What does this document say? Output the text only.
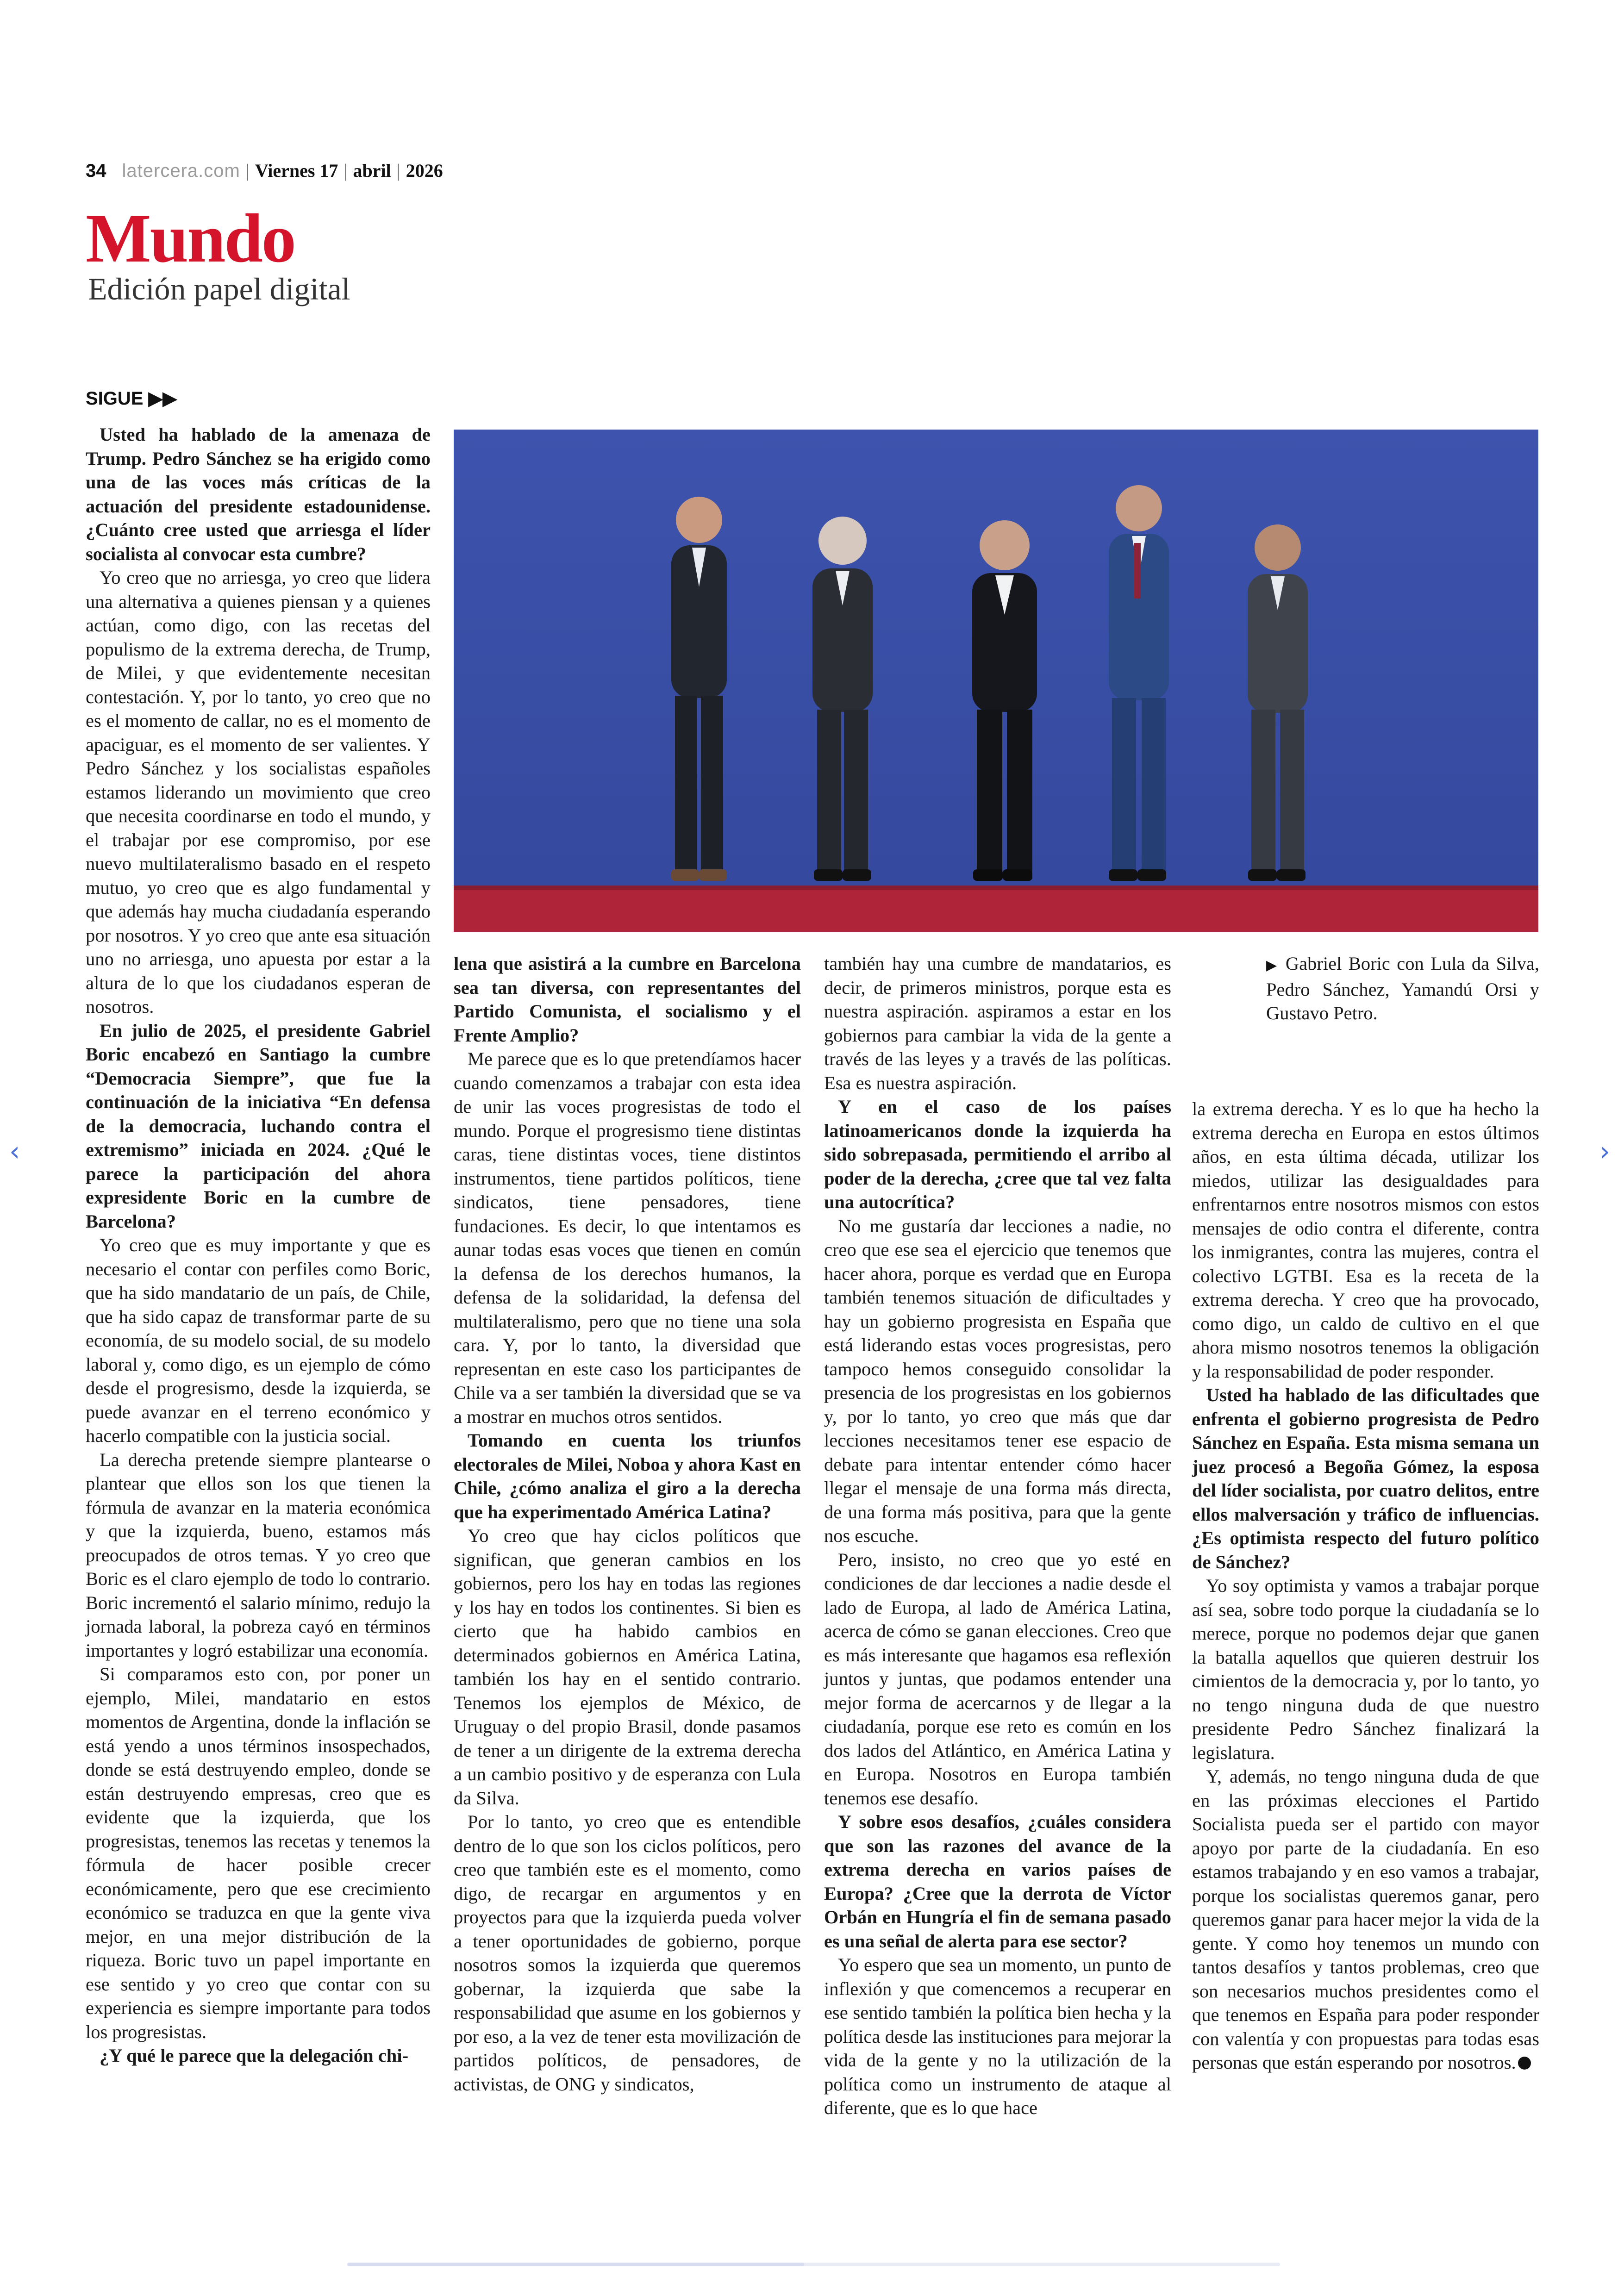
34 latercera.com | Viernes 17 | abril | 2026
Mundo
Edición papel digital
SIGUE ▶▶
▶ Gabriel Boric con Lula da Silva, Pedro Sánchez, Yamandú Orsi y Gustavo Petro.

Usted ha hablado de la amenaza de Trump. Pedro Sánchez se ha erigido como una de las voces más críticas de la actuación del presidente estadounidense. ¿Cuánto cree usted que arriesga el líder socialista al convocar esta cumbre?

Yo creo que no arriesga, yo creo que lidera una alternativa a quienes piensan y a quienes actúan, como digo, con las recetas del populismo de la extrema derecha, de Trump, de Milei, y que evidentemente necesitan contestación. Y, por lo tanto, yo creo que no es el momento de callar, no es el momento de apaciguar, es el momento de ser valientes. Y Pedro Sánchez y los socialistas españoles estamos liderando un movimiento que creo que necesita coordinarse en todo el mundo, y el trabajar por ese compromiso, por ese nuevo multilateralismo basado en el respeto mutuo, yo creo que es algo fundamental y que además hay mucha ciudadanía esperando por nosotros. Y yo creo que ante esa situación uno no arriesga, uno apuesta por estar a la altura de lo que los ciudadanos esperan de nosotros.

En julio de 2025, el presidente Gabriel Boric encabezó en Santiago la cumbre “Democracia Siempre”, que fue la continuación de la iniciativa “En defensa de la democracia, luchando contra el extremismo” iniciada en 2024. ¿Qué le parece la participación del ahora expresidente Boric en la cumbre de Barcelona?

Yo creo que es muy importante y que es necesario el contar con perfiles como Boric, que ha sido mandatario de un país, de Chile, que ha sido capaz de transformar parte de su economía, de su modelo social, de su modelo laboral y, como digo, es un ejemplo de cómo desde el progresismo, desde la izquierda, se puede avanzar en el terreno económico y hacerlo compatible con la justicia social.

La derecha pretende siempre plantearse o plantear que ellos son los que tienen la fórmula de avanzar en la materia económica y que la izquierda, bueno, estamos más preocupados de otros temas. Y yo creo que Boric es el claro ejemplo de todo lo contrario. Boric incrementó el salario mínimo, redujo la jornada laboral, la pobreza cayó en términos importantes y logró estabilizar una economía.

Si comparamos esto con, por poner un ejemplo, Milei, mandatario en estos momentos de Argentina, donde la inflación se está yendo a unos términos insospechados, donde se está destruyendo empleo, donde se están destruyendo empresas, creo que es evidente que la izquierda, que los progresistas, tenemos las recetas y tenemos la fórmula de hacer posible crecer económicamente, pero que ese crecimiento económico se traduzca en que la gente viva mejor, en una mejor distribución de la riqueza. Boric tuvo un papel importante en ese sentido y yo creo que contar con su experiencia es siempre importante para todos los progresistas.

¿Y qué le parece que la delegación chi-

lena que asistirá a la cumbre en Barcelona sea tan diversa, con representantes del Partido Comunista, el socialismo y el Frente Amplio?

Me parece que es lo que pretendíamos hacer cuando comenzamos a trabajar con esta idea de unir las voces progresistas de todo el mundo. Porque el progresismo tiene distintas caras, tiene distintas voces, tiene distintos instrumentos, tiene partidos políticos, tiene sindicatos, tiene pensadores, tiene fundaciones. Es decir, lo que intentamos es aunar todas esas voces que tienen en común la defensa de los derechos humanos, la defensa de la solidaridad, la defensa del multilateralismo, pero que no tiene una sola cara. Y, por lo tanto, la diversidad que representan en este caso los participantes de Chile va a ser también la diversidad que se va a mostrar en muchos otros sentidos.

Tomando en cuenta los triunfos electorales de Milei, Noboa y ahora Kast en Chile, ¿cómo analiza el giro a la derecha que ha experimentado América Latina?

Yo creo que hay ciclos políticos que significan, que generan cambios en los gobiernos, pero los hay en todas las regiones y los hay en todos los continentes. Si bien es cierto que ha habido cambios en determinados gobiernos en América Latina, también los hay en el sentido contrario. Tenemos los ejemplos de México, de Uruguay o del propio Brasil, donde pasamos de tener a un dirigente de la extrema derecha a un cambio positivo y de esperanza con Lula da Silva.

Por lo tanto, yo creo que es entendible dentro de lo que son los ciclos políticos, pero creo que también este es el momento, como digo, de recargar en argumentos y en proyectos para que la izquierda pueda volver a tener oportunidades de gobierno, porque nosotros somos la izquierda que queremos gobernar, la izquierda que sabe la responsabilidad que asume en los gobiernos y por eso, a la vez de tener esta movilización de partidos políticos, de pensadores, de activistas, de ONG y sindicatos,

también hay una cumbre de mandatarios, es decir, de primeros ministros, porque esta es nuestra aspiración. aspiramos a estar en los gobiernos para cambiar la vida de la gente a través de las leyes y a través de las políticas. Esa es nuestra aspiración.

Y en el caso de los países latinoamericanos donde la izquierda ha sido sobrepasada, permitiendo el arribo al poder de la derecha, ¿cree que tal vez falta una autocrítica?

No me gustaría dar lecciones a nadie, no creo que ese sea el ejercicio que tenemos que hacer ahora, porque es verdad que en Europa también tenemos situación de dificultades y hay un gobierno progresista en España que está liderando estas voces progresistas, pero tampoco hemos conseguido consolidar la presencia de los progresistas en los gobiernos y, por lo tanto, yo creo que más que dar lecciones necesitamos tener ese espacio de debate para intentar entender cómo hacer llegar el mensaje de una forma más directa, de una forma más positiva, para que la gente nos escuche.

Pero, insisto, no creo que yo esté en condiciones de dar lecciones a nadie desde el lado de Europa, al lado de América Latina, acerca de cómo se ganan elecciones. Creo que es más interesante que hagamos esa reflexión juntos y juntas, que podamos entender una mejor forma de acercarnos y de llegar a la ciudadanía, porque ese reto es común en los dos lados del Atlántico, en América Latina y en Europa. Nosotros en Europa también tenemos ese desafío.

Y sobre esos desafíos, ¿cuáles considera que son las razones del avance de la extrema derecha en varios países de Europa? ¿Cree que la derrota de Víctor Orbán en Hungría el fin de semana pasado es una señal de alerta para ese sector?

Yo espero que sea un momento, un punto de inflexión y que comencemos a recuperar en ese sentido también la política bien hecha y la política desde las instituciones para mejorar la vida de la gente y no la utilización de la política como un instrumento de ataque al diferente, que es lo que hace

la extrema derecha. Y es lo que ha hecho la extrema derecha en Europa en estos últimos años, en esta última década, utilizar los miedos, utilizar las desigualdades para enfrentarnos entre nosotros mismos con estos mensajes de odio contra el diferente, contra los inmigrantes, contra las mujeres, contra el colectivo LGTBI. Esa es la receta de la extrema derecha. Y creo que ha provocado, como digo, un caldo de cultivo en el que ahora mismo nosotros tenemos la obligación y la responsabilidad de poder responder.

Usted ha hablado de las dificultades que enfrenta el gobierno progresista de Pedro Sánchez en España. Esta misma semana un juez procesó a Begoña Gómez, la esposa del líder socialista, por cuatro delitos, entre ellos malversación y tráfico de influencias. ¿Es optimista respecto del futuro político de Sánchez?

Yo soy optimista y vamos a trabajar porque así sea, sobre todo porque la ciudadanía se lo merece, porque no podemos dejar que ganen la batalla aquellos que quieren destruir los cimientos de la democracia y, por lo tanto, yo no tengo ninguna duda de que nuestro presidente Pedro Sánchez finalizará la legislatura.

Y, además, no tengo ninguna duda de que en las próximas elecciones el Partido Socialista pueda ser el partido con mayor apoyo por parte de la ciudadanía. En eso estamos trabajando y en eso vamos a trabajar, porque los socialistas queremos ganar, pero queremos ganar para hacer mejor la vida de la gente. Y como hoy tenemos un mundo con tantos desafíos y tantos problemas, creo que son necesarios muchos presidentes como el que tenemos en España para poder responder con valentía y con propuestas para todas esas personas que están esperando por nosotros.

‹	›
